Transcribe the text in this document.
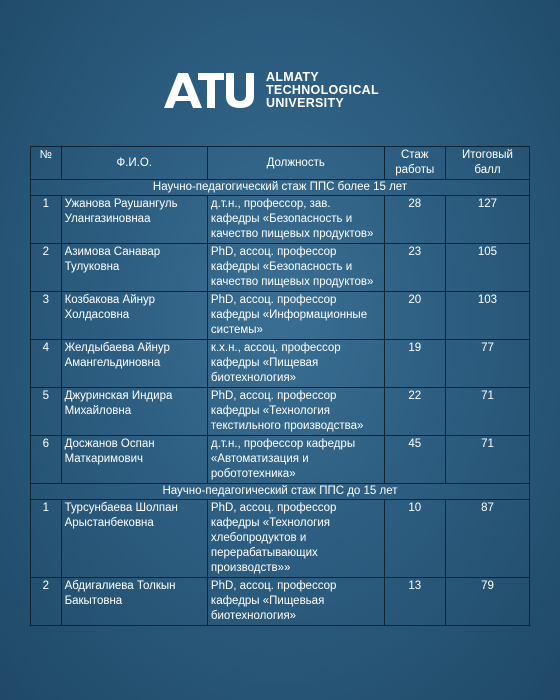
ALMATY
TECHNOLOGICAL
UNIVERSITY
№	Ф.И.О.	Должность	Стаж работы	Итоговый балл
Научно-педагогический стаж ППС более 15 лет				
1	Ужанова Раушангуль Улангазиновнаа	д.т.н., профессор, зав. кафедры «Безопасность и качество пищевых продуктов»	28	127
2	Азимова Санавар Тулуковна	PhD, ассоц. профессор кафедры «Безопасность и качество пищевых продуктов»	23	105
3	Козбакова Айнур Холдасовна	PhD, ассоц. профессор кафедры «Информационные системы»	20	103
4	Желдыбаева Айнур Амангельдиновна	к.х.н., ассоц. профессор кафедры «Пищевая биотехнология»	19	77
5	Джуринская Индира Михайловна	PhD, ассоц. профессор кафедры «Технология текстильного производства»	22	71
6	Досжанов Оспан Маткаримович	д.т.н., профессор кафедры «Автоматизация и робототехника»	45	71
Научно-педагогический стаж ППС до 15 лет				
1	Турсунбаева Шолпан Арыстанбековна	PhD, ассоц. профессор кафедры «Технология хлебопродуктов и перерабатывающих производств»»	10	87
2	Абдигалиева Толкын Бакытовна	PhD, ассоц. профессор кафедры «Пищевьая биотехнология»	13	79
